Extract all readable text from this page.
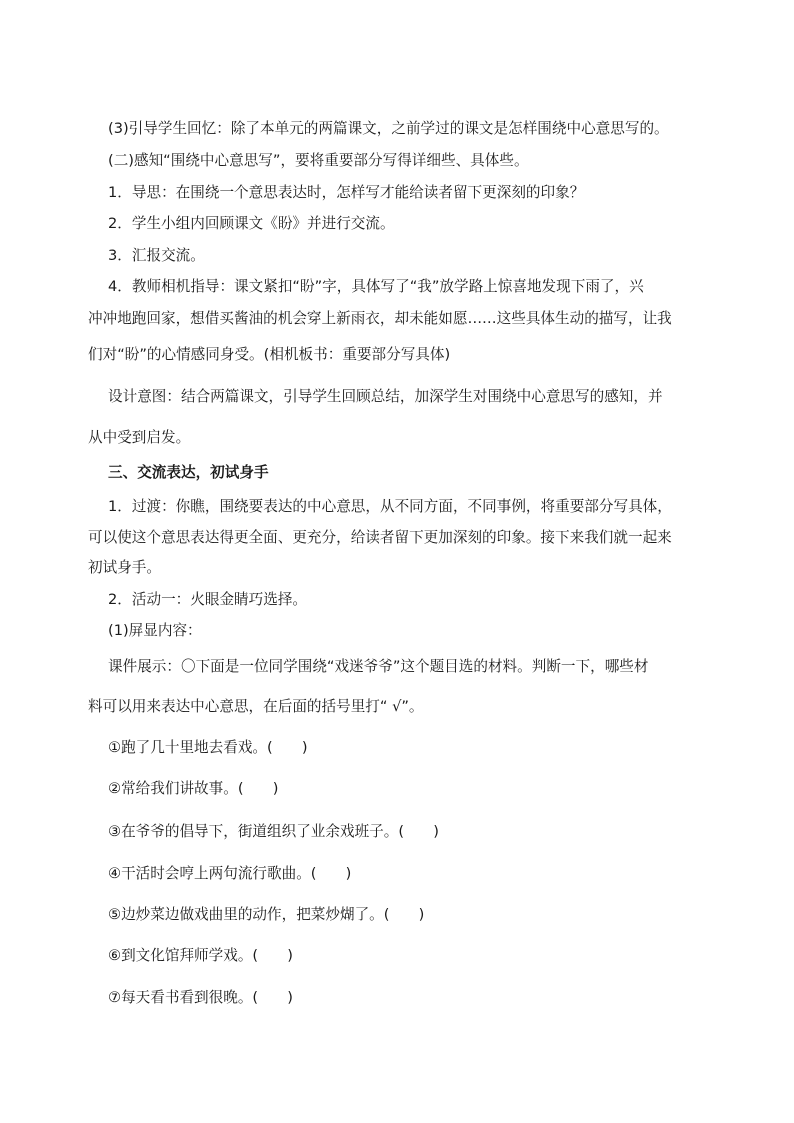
(3)引导学生回忆：除了本单元的两篇课文，之前学过的课文是怎样围绕中心意思写的。
(二)感知“围绕中心意思写”，要将重要部分写得详细些、具体些。
1．导思：在围绕一个意思表达时，怎样写才能给读者留下更深刻的印象？
2．学生小组内回顾课文《盼》并进行交流。
3．汇报交流。
4．教师相机指导：课文紧扣“盼”字，具体写了“我”放学路上惊喜地发现下雨了，兴
冲冲地跑回家，想借买酱油的机会穿上新雨衣，却未能如愿……这些具体生动的描写，让我
们对“盼”的心情感同身受。(相机板书：重要部分写具体)
设计意图：结合两篇课文，引导学生回顾总结，加深学生对围绕中心意思写的感知，并
从中受到启发。
三、交流表达，初试身手
1．过渡：你瞧，围绕要表达的中心意思，从不同方面，不同事例，将重要部分写具体，
可以使这个意思表达得更全面、更充分，给读者留下更加深刻的印象。接下来我们就一起来
初试身手。
2．活动一：火眼金睛巧选择。
(1)屏显内容：
课件展示：〇下面是一位同学围绕“戏迷爷爷”这个题目选的材料。判断一下，哪些材
料可以用来表达中心意思，在后面的括号里打“ √”。
①跑了几十里地去看戏。(　　)
②常给我们讲故事。(　　)
③在爷爷的倡导下，街道组织了业余戏班子。(　　)
④干活时会哼上两句流行歌曲。(　　)
⑤边炒菜边做戏曲里的动作，把菜炒煳了。(　　)
⑥到文化馆拜师学戏。(　　)
⑦每天看书看到很晚。(　　)
